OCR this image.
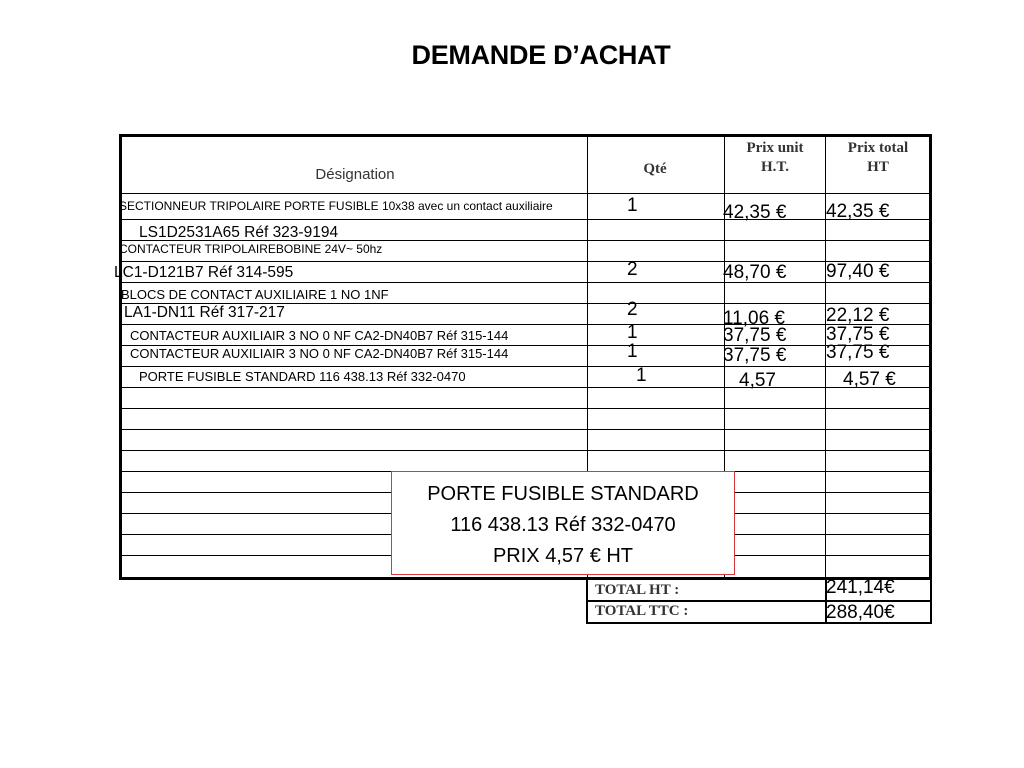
DEMANDE D’ACHAT
Désignation	Qté
Prix unit
H.T.
Prix total
HT
SECTIONNEUR TRIPOLAIRE PORTE FUSIBLE 10x38 avec un contact auxiliaire
LS1D2531A65 Réf 323-9194
CONTACTEUR TRIPOLAIREBOBINE 24V~ 50hz
LC1-D121B7 Réf 314-595
BLOCS DE CONTACT AUXILIAIRE 1 NO 1NF
LA1-DN11 Réf 317-217
CONTACTEUR AUXILIAIR 3 NO 0 NF CA2-DN40B7 Réf 315-144
CONTACTEUR AUXILIAIR 3 NO 0 NF CA2-DN40B7 Réf 315-144
PORTE FUSIBLE STANDARD 116 438.13 Réf 332-0470
1
2
2
1
1
1
42,35 €
48,70 €
11,06 €
37,75 €
37,75 €
4,57
42,35 €
97,40 €
22,12 €
37,75 €
37,75 €
4,57 €
TOTAL HT :
TOTAL TTC :
241,14€
288,40€
PORTE FUSIBLE STANDARD
116 438.13 Réf 332-0470
PRIX 4,57 € HT
